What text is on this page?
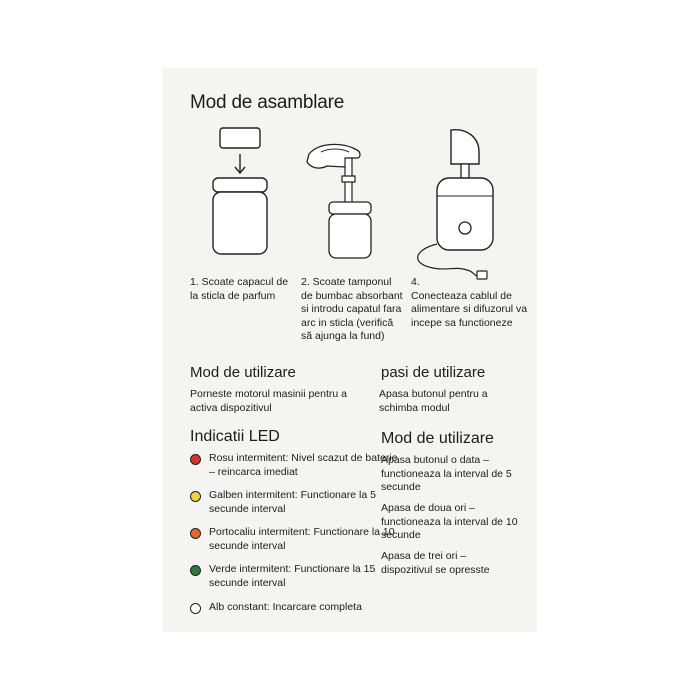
Mod de asamblare
1. Scoate capacul de la sticla de parfum
2. Scoate tamponul de bumbac absorbant si introdu capatul fara arc in sticla (verifică să ajunga la fund)
4.
Conecteaza cablul de alimentare si difuzorul va incepe sa functioneze
Mod de utilizare
Porneste motorul masinii pentru a activa dispozitivul
pasi de utilizare
Apasa butonul pentru a schimba modul
Indicatii LED
Rosu intermitent: Nivel scazut de baterie – reincarca imediat
Galben intermitent: Functionare la 5 secunde interval
Portocaliu intermitent: Functionare la 10 secunde interval
Verde intermitent: Functionare la 15 secunde interval
Alb constant: Incarcare completa
Mod de utilizare
Apasa butonul o data – functioneaza la interval de 5 secunde
Apasa de doua ori – functioneaza la interval de 10 secunde
Apasa de trei ori – dispozitivul se opresste
